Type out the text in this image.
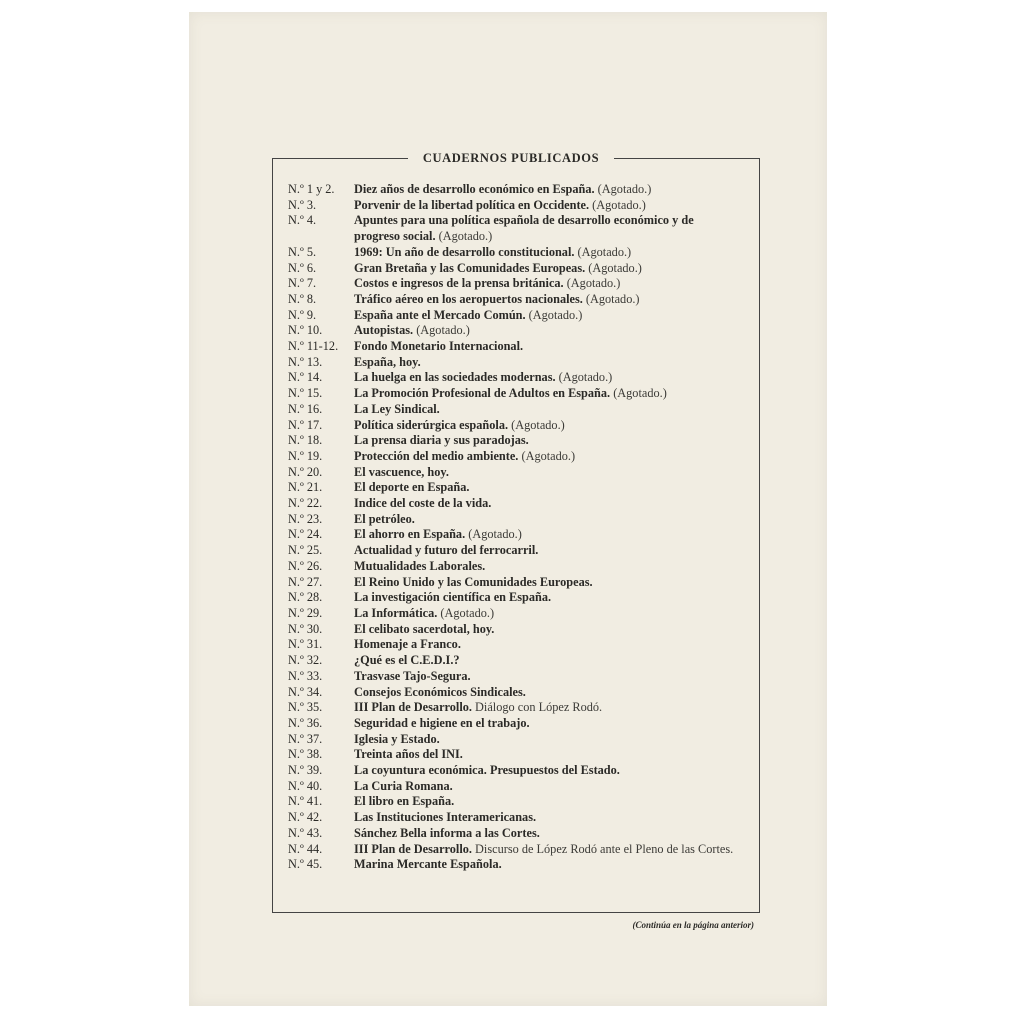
CUADERNOS PUBLICADOS
N.º 1 y 2.	Diez años de desarrollo económico en España. (Agotado.)
N.º 3.	Porvenir de la libertad política en Occidente. (Agotado.)
N.º 4.	Apuntes para una política española de desarrollo económico y de progreso social. (Agotado.)
N.º 5.	1969: Un año de desarrollo constitucional. (Agotado.)
N.º 6.	Gran Bretaña y las Comunidades Europeas. (Agotado.)
N.º 7.	Costos e ingresos de la prensa británica. (Agotado.)
N.º 8.	Tráfico aéreo en los aeropuertos nacionales. (Agotado.)
N.º 9.	España ante el Mercado Común. (Agotado.)
N.º 10.	Autopistas. (Agotado.)
N.º 11-12.	Fondo Monetario Internacional.
N.º 13.	España, hoy.
N.º 14.	La huelga en las sociedades modernas. (Agotado.)
N.º 15.	La Promoción Profesional de Adultos en España. (Agotado.)
N.º 16.	La Ley Sindical.
N.º 17.	Política siderúrgica española. (Agotado.)
N.º 18.	La prensa diaria y sus paradojas.
N.º 19.	Protección del medio ambiente. (Agotado.)
N.º 20.	El vascuence, hoy.
N.º 21.	El deporte en España.
N.º 22.	Indice del coste de la vida.
N.º 23.	El petróleo.
N.º 24.	El ahorro en España. (Agotado.)
N.º 25.	Actualidad y futuro del ferrocarril.
N.º 26.	Mutualidades Laborales.
N.º 27.	El Reino Unido y las Comunidades Europeas.
N.º 28.	La investigación científica en España.
N.º 29.	La Informática. (Agotado.)
N.º 30.	El celibato sacerdotal, hoy.
N.º 31.	Homenaje a Franco.
N.º 32.	¿Qué es el C.E.D.I.?
N.º 33.	Trasvase Tajo-Segura.
N.º 34.	Consejos Económicos Sindicales.
N.º 35.	III Plan de Desarrollo. Diálogo con López Rodó.
N.º 36.	Seguridad e higiene en el trabajo.
N.º 37.	Iglesia y Estado.
N.º 38.	Treinta años del INI.
N.º 39.	La coyuntura económica. Presupuestos del Estado.
N.º 40.	La Curia Romana.
N.º 41.	El libro en España.
N.º 42.	Las Instituciones Interamericanas.
N.º 43.	Sánchez Bella informa a las Cortes.
N.º 44.	III Plan de Desarrollo. Discurso de López Rodó ante el Pleno de las Cortes.
N.º 45.	Marina Mercante Española.
(Continúa en la página anterior)
